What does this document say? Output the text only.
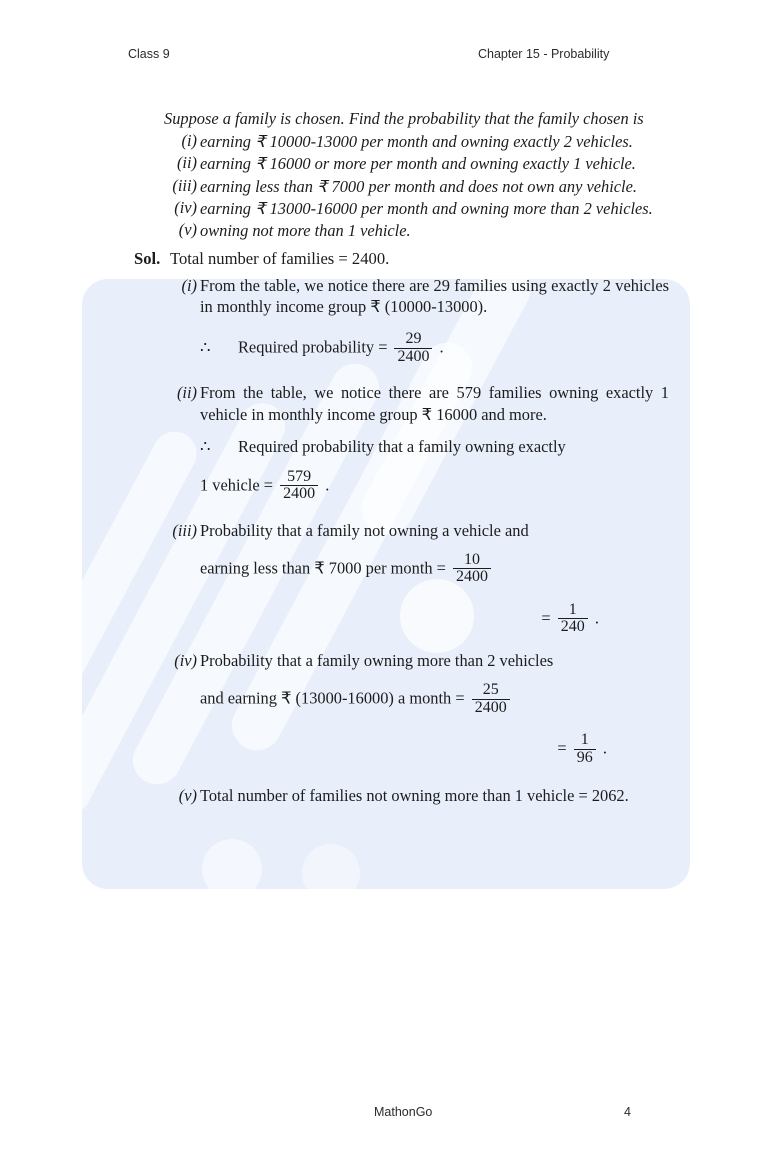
Class 9	Chapter 15 - Probability

Suppose a family is chosen. Find the probability that the family chosen is

(i) earning ₹ 10000-13000 per month and owning exactly 2 vehicles.
(ii) earning ₹ 16000 or more per month and owning exactly 1 vehicle.
(iii) earning less than ₹ 7000 per month and does not own any vehicle.
(iv) earning ₹ 13000-16000 per month and owning more than 2 vehicles.
(v) owning not more than 1 vehicle.
Sol. Total number of families = 2400.
(i) From the table, we notice there are 29 families using exactly 2 vehicles in monthly income group ₹ (10000-13000).
∴ Required probability = $\frac{29}{2400}$ .
(ii) From the table, we notice there are 579 families owning exactly 1 vehicle in monthly income group ₹ 16000 and more.
∴ Required probability that a family owning exactly
1 vehicle = $\frac{579}{2400}$ .
(iii) Probability that a family not owning a vehicle and
earning less than ₹ 7000 per month = $\frac{10}{2400}$
= $\frac{1}{240}$ .
(iv) Probability that a family owning more than 2 vehicles
and earning ₹ (13000-16000) a month = $\frac{25}{2400}$
= $\frac{1}{96}$ .
(v) Total number of families not owning more than 1 vehicle = 2062.
MathonGo	4
